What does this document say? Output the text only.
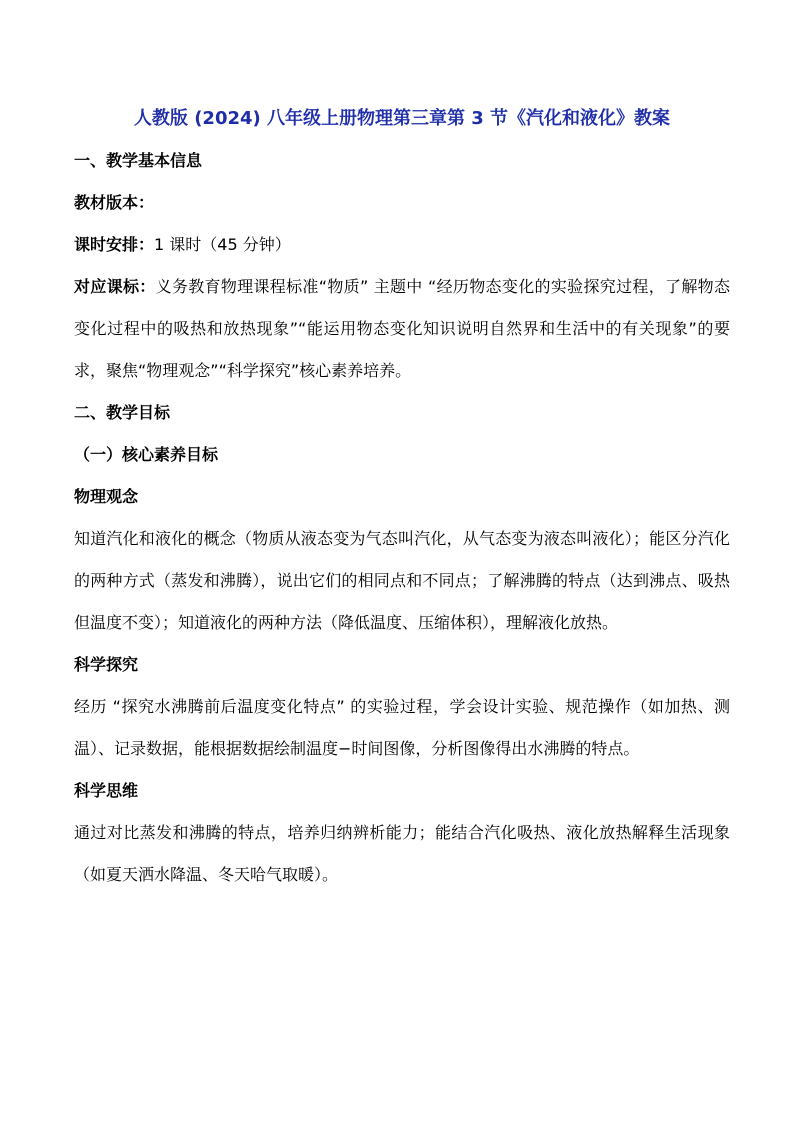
人教版 (2024) 八年级上册物理第三章第 3 节《汽化和液化》教案
一、教学基本信息

教材版本：

课时安排：1 课时（45 分钟）

对应课标：义务教育物理课程标准“物质” 主题中 “经历物态变化的实验探究过程，了解物态变化过程中的吸热和放热现象”“能运用物态变化知识说明自然界和生活中的有关现象”的要求，聚焦“物理观念”“科学探究”核心素养培养。

二、教学目标
（一）核心素养目标
物理观念

知道汽化和液化的概念（物质从液态变为气态叫汽化，从气态变为液态叫液化）；能区分汽化的两种方式（蒸发和沸腾），说出它们的相同点和不同点；了解沸腾的特点（达到沸点、吸热但温度不变）；知道液化的两种方法（降低温度、压缩体积），理解液化放热。

科学探究

经历 “探究水沸腾前后温度变化特点” 的实验过程，学会设计实验、规范操作（如加热、测温）、记录数据，能根据数据绘制温度−时间图像，分析图像得出水沸腾的特点。

科学思维

通过对比蒸发和沸腾的特点，培养归纳辨析能力；能结合汽化吸热、液化放热解释生活现象（如夏天洒水降温、冬天哈气取暖）。
